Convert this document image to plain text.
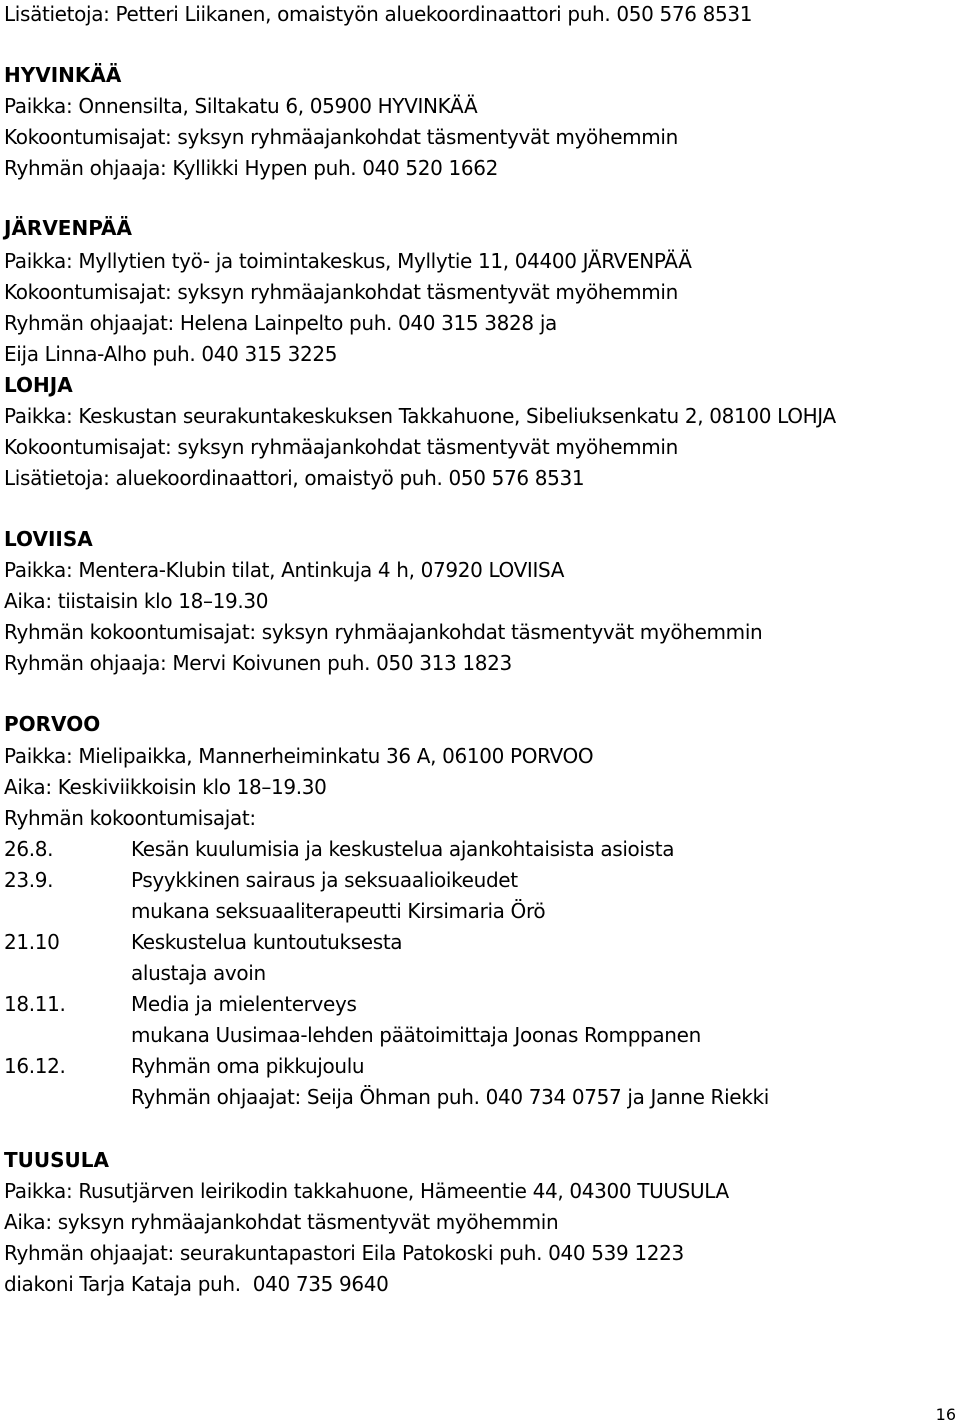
Lisätietoja: Petteri Liikanen, omaistyön aluekoordinaattori puh. 050 576 8531
HYVINKÄÄ
Paikka: Onnensilta, Siltakatu 6, 05900 HYVINKÄÄ
Kokoontumisajat: syksyn ryhmäajankohdat täsmentyvät myöhemmin
Ryhmän ohjaaja: Kyllikki Hypen puh. 040 520 1662
JÄRVENPÄÄ
Paikka: Myllytien työ- ja toimintakeskus, Myllytie 11, 04400 JÄRVENPÄÄ
Kokoontumisajat: syksyn ryhmäajankohdat täsmentyvät myöhemmin
Ryhmän ohjaajat: Helena Lainpelto puh. 040 315 3828 ja
Eija Linna-Alho puh. 040 315 3225
LOHJA
Paikka: Keskustan seurakuntakeskuksen Takkahuone, Sibeliuksenkatu 2, 08100 LOHJA
Kokoontumisajat: syksyn ryhmäajankohdat täsmentyvät myöhemmin
Lisätietoja: aluekoordinaattori, omaistyö puh. 050 576 8531
LOVIISA
Paikka: Mentera-Klubin tilat, Antinkuja 4 h, 07920 LOVIISA
Aika: tiistaisin klo 18–19.30
Ryhmän kokoontumisajat: syksyn ryhmäajankohdat täsmentyvät myöhemmin
Ryhmän ohjaaja: Mervi Koivunen puh. 050 313 1823
PORVOO
Paikka: Mielipaikka, Mannerheiminkatu 36 A, 06100 PORVOO
Aika: Keskiviikkoisin klo 18–19.30
Ryhmän kokoontumisajat:
26.8.	Kesän kuulumisia ja keskustelua ajankohtaisista asioista
23.9.	Psyykkinen sairaus ja seksuaalioikeudet
mukana seksuaaliterapeutti Kirsimaria Örö
21.10	Keskustelua kuntoutuksesta
alustaja avoin
18.11.	Media ja mielenterveys
mukana Uusimaa-lehden päätoimittaja Joonas Romppanen
16.12.	Ryhmän oma pikkujoulu
Ryhmän ohjaajat: Seija Öhman puh. 040 734 0757 ja Janne Riekki
TUUSULA
Paikka: Rusutjärven leirikodin takkahuone, Hämeentie 44, 04300 TUUSULA
Aika: syksyn ryhmäajankohdat täsmentyvät myöhemmin
Ryhmän ohjaajat: seurakuntapastori Eila Patokoski puh. 040 539 1223
diakoni Tarja Kataja puh.  040 735 9640
16
